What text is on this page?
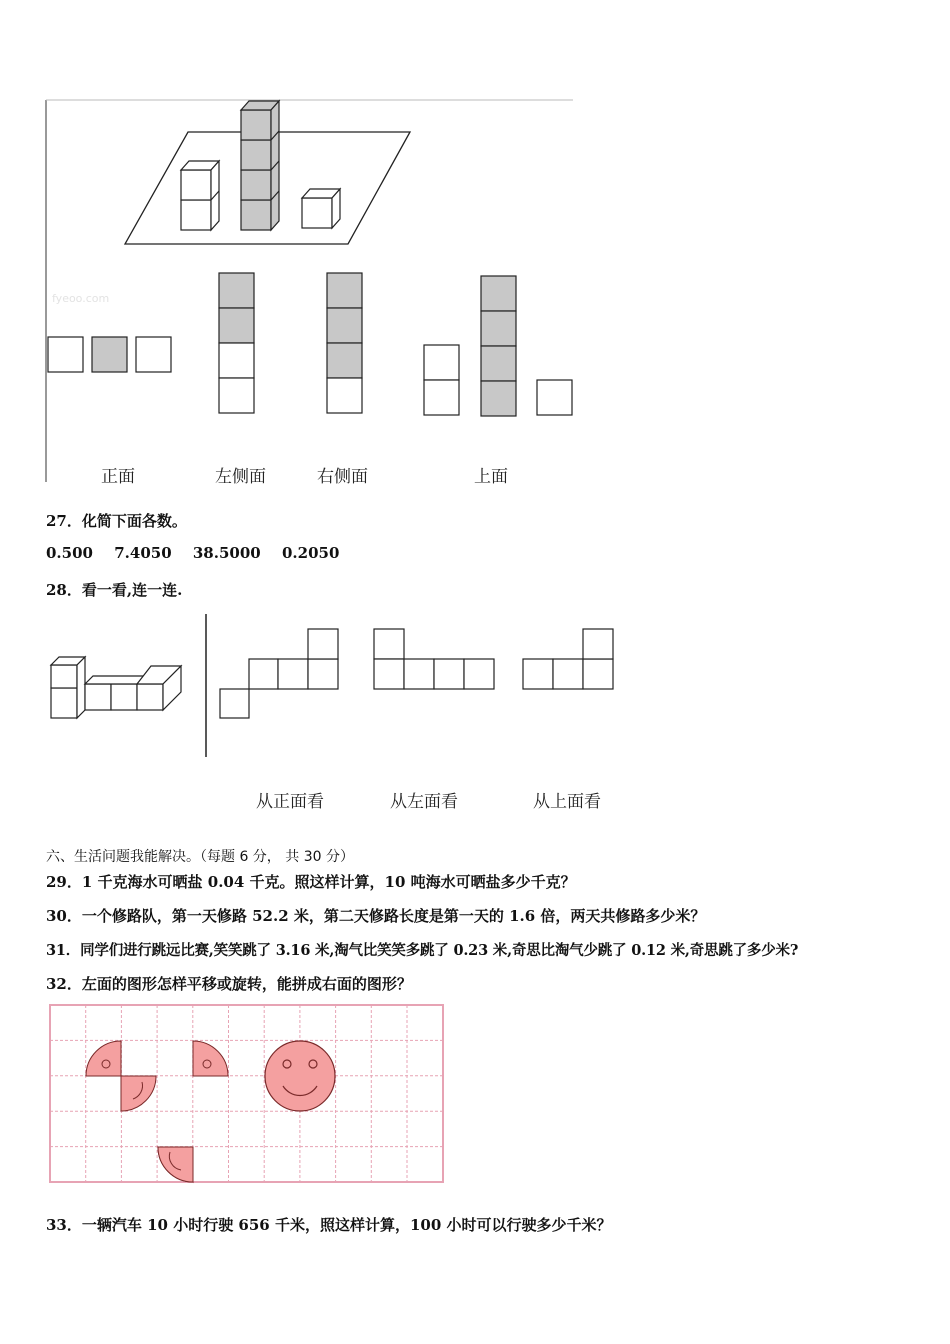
fyeoo.com
正面	左侧面	右侧面	上面
27．化简下面各数。
0.500 7.4050 38.5000 0.2050
28．看一看,连一连.
从正面看	从左面看	从上面看
六、生活问题我能解决。（每题 6 分， 共 30 分）
29．1 千克海水可晒盐 0.04 千克。照这样计算，10 吨海水可晒盐多少千克？
30．一个修路队，第一天修路 52.2 米，第二天修路长度是第一天的 1.6 倍，两天共修路多少米？
31．同学们进行跳远比赛,笑笑跳了 3.16 米,淘气比笑笑多跳了 0.23 米,奇思比淘气少跳了 0.12 米,奇思跳了多少米?
32．左面的图形怎样平移或旋转，能拼成右面的图形？
33．一辆汽车 10 小时行驶 656 千米，照这样计算，100 小时可以行驶多少千米？
